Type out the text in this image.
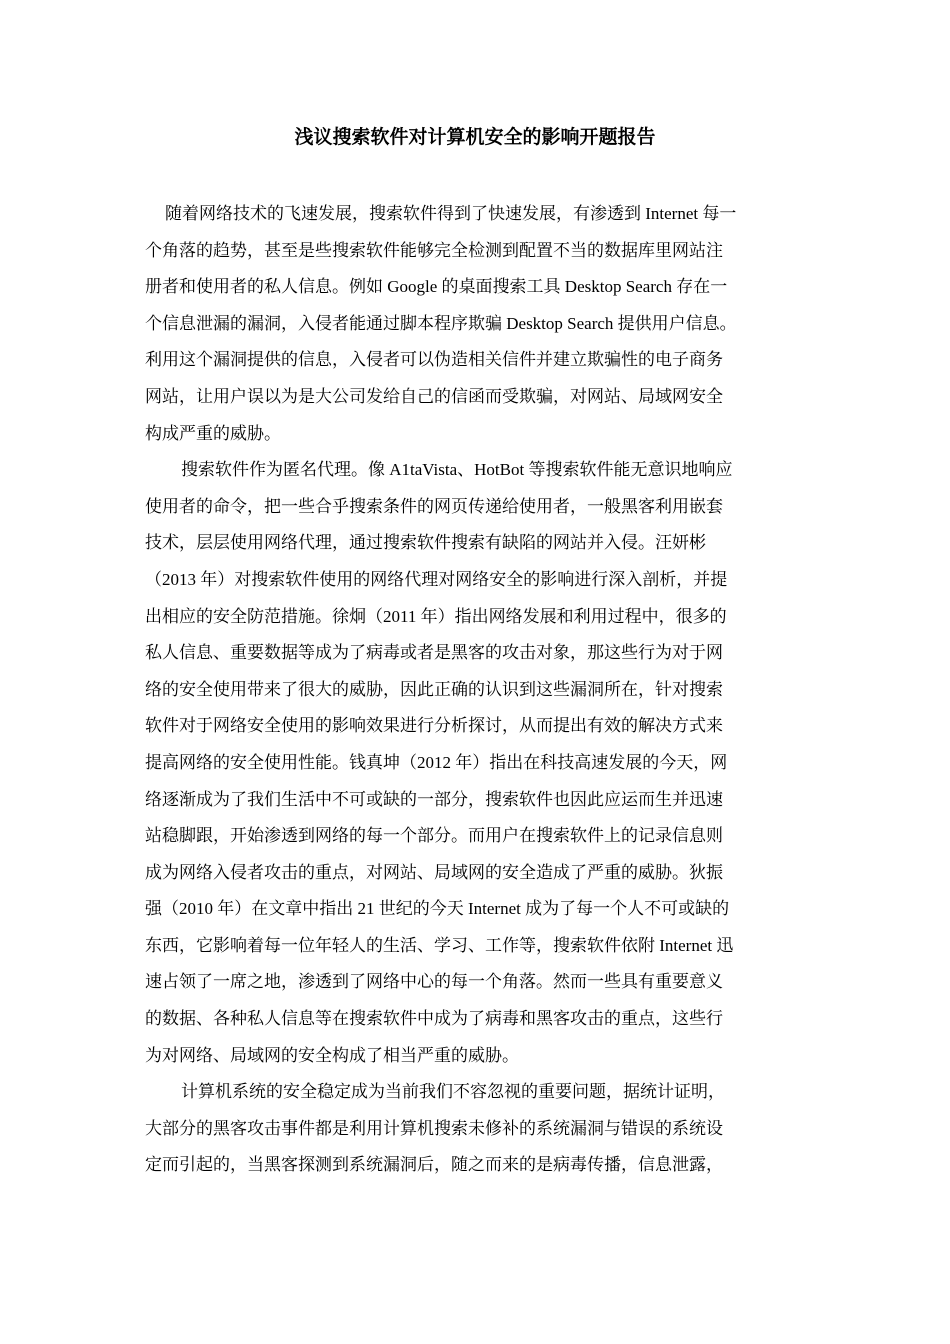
浅议搜索软件对计算机安全的影响开题报告
随着网络技术的飞速发展，搜索软件得到了快速发展，有渗透到 Internet 每一
个角落的趋势，甚至是些搜索软件能够完全检测到配置不当的数据库里网站注
册者和使用者的私人信息。例如 Google 的桌面搜索工具 Desktop Search 存在一
个信息泄漏的漏洞，入侵者能通过脚本程序欺骗 Desktop Search 提供用户信息。
利用这个漏洞提供的信息，入侵者可以伪造相关信件并建立欺骗性的电子商务
网站，让用户误以为是大公司发给自己的信函而受欺骗，对网站、局域网安全
构成严重的威胁。
搜索软件作为匿名代理。像 A1taVista、HotBot 等搜索软件能无意识地响应
使用者的命令，把一些合乎搜索条件的网页传递给使用者，一般黑客利用嵌套
技术，层层使用网络代理，通过搜索软件搜索有缺陷的网站并入侵。汪妍彬
（2013 年）对搜索软件使用的网络代理对网络安全的影响进行深入剖析，并提
出相应的安全防范措施。徐炯（2011 年）指出网络发展和利用过程中，很多的
私人信息、重要数据等成为了病毒或者是黑客的攻击对象，那这些行为对于网
络的安全使用带来了很大的威胁，因此正确的认识到这些漏洞所在，针对搜索
软件对于网络安全使用的影响效果进行分析探讨，从而提出有效的解决方式来
提高网络的安全使用性能。钱真坤（2012 年）指出在科技高速发展的今天，网
络逐渐成为了我们生活中不可或缺的一部分，搜索软件也因此应运而生并迅速
站稳脚跟，开始渗透到网络的每一个部分。而用户在搜索软件上的记录信息则
成为网络入侵者攻击的重点，对网站、局域网的安全造成了严重的威胁。狄振
强（2010 年）在文章中指出 21 世纪的今天 Internet 成为了每一个人不可或缺的
东西，它影响着每一位年轻人的生活、学习、工作等，搜索软件依附 Internet 迅
速占领了一席之地，渗透到了网络中心的每一个角落。然而一些具有重要意义
的数据、各种私人信息等在搜索软件中成为了病毒和黑客攻击的重点，这些行
为对网络、局域网的安全构成了相当严重的威胁。
计算机系统的安全稳定成为当前我们不容忽视的重要问题，据统计证明，
大部分的黑客攻击事件都是利用计算机搜索未修补的系统漏洞与错误的系统设
定而引起的，当黑客探测到系统漏洞后，随之而来的是病毒传播，信息泄露，
